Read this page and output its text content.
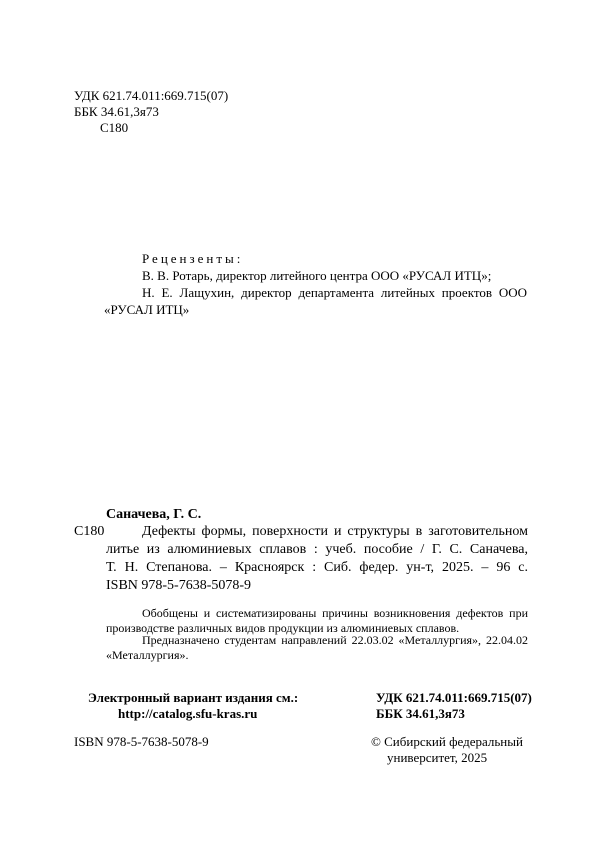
УДК 621.74.011:669.715(07)
ББК 34.61,3я73
С180
Рецензенты:
В. В. Ротарь, директор литейного центра ООО «РУСАЛ ИТЦ»;
Н. Е. Лащухин, директор департамента литейных проектов ООО
«РУСАЛ ИТЦ»
Саначева, Г. С.
С180	Дефекты формы, поверхности и структуры в заготовительном
литье из алюминиевых сплавов : учеб. пособие / Г. С. Саначева,
Т. Н. Степанова. – Красноярск : Сиб. федер. ун-т, 2025. – 96 с.
ISBN 978-5-7638-5078-9
Обобщены и систематизированы причины возникновения дефектов при
производстве различных видов продукции из алюминиевых сплавов.
Предназначено студентам направлений 22.03.02 «Металлургия», 22.04.02
«Металлургия».
Электронный вариант издания см.:
http://catalog.sfu-kras.ru
УДК 621.74.011:669.715(07)
ББК 34.61,3я73
ISBN 978-5-7638-5078-9	© Сибирский федеральный
университет, 2025
